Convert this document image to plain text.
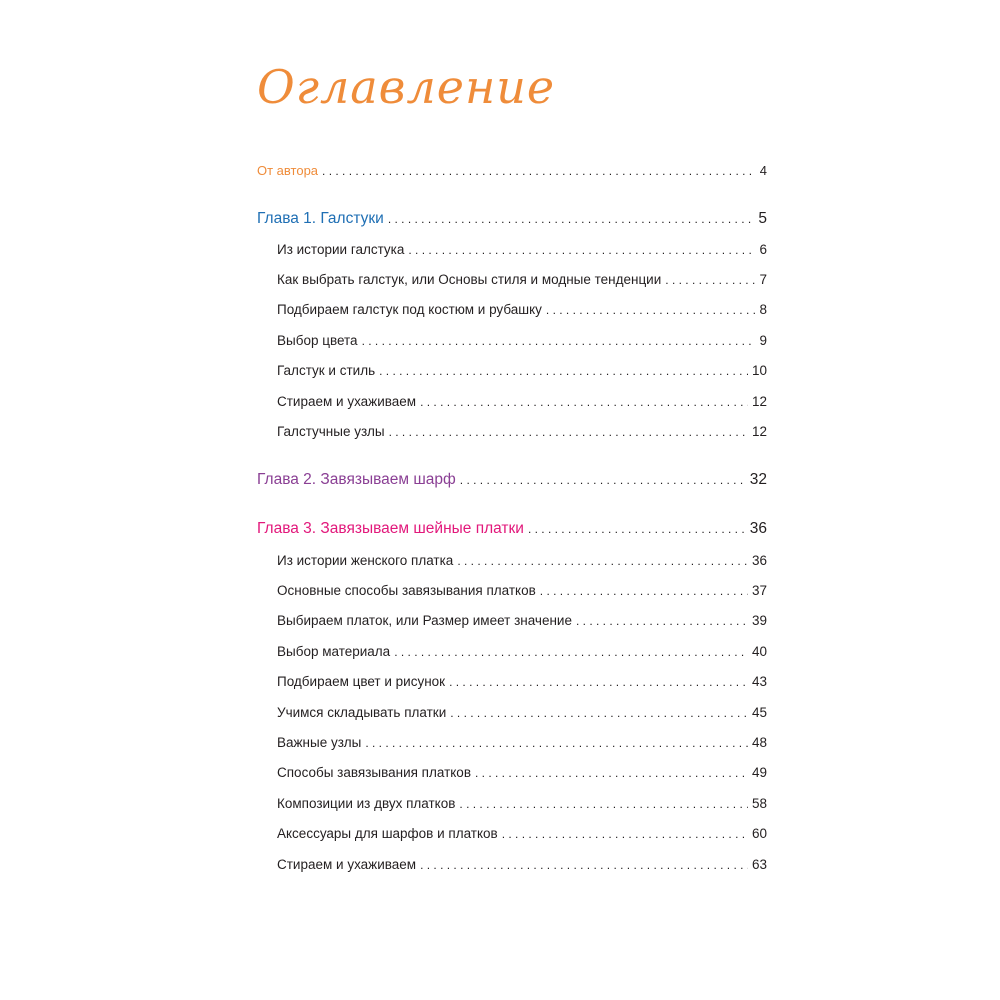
Оглавление
От автора . . .	4
Глава 1. Галстуки . . .	5
Из истории галстука . . .	6
Как выбрать галстук, или Основы стиля и модные тенденции . . .	7
Подбираем галстук под костюм и рубашку . . .	8
Выбор цвета . . .	9
Галстук и стиль . . .	10
Стираем и ухаживаем . . .	12
Галстучные узлы . . .	12
Глава 2. Завязываем шарф . . .	32
Глава 3. Завязываем шейные платки . . .	36
Из истории женского платка . . .	36
Основные способы завязывания платков . . .	37
Выбираем платок, или Размер имеет значение . . .	39
Выбор материала . . .	40
Подбираем цвет и рисунок . . .	43
Учимся складывать платки . . .	45
Важные узлы . . .	48
Способы завязывания платков . . .	49
Композиции из двух платков . . .	58
Аксессуары для шарфов и платков . . .	60
Стираем и ухаживаем . . .	63
